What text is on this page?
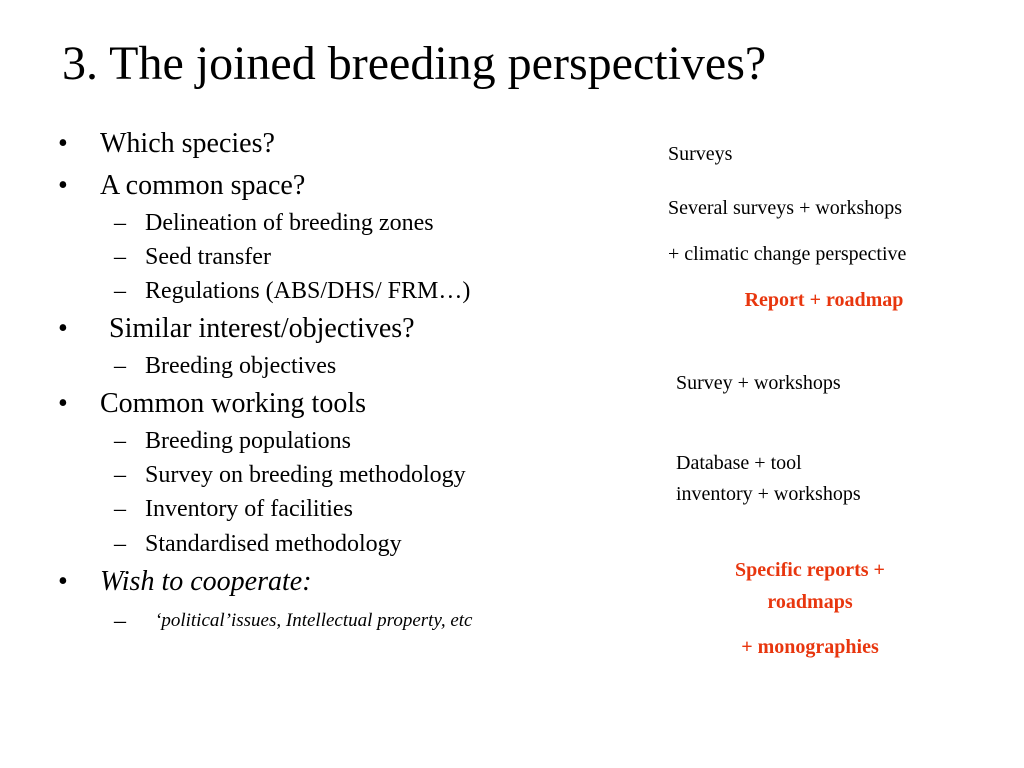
3. The joined breeding perspectives?
• Which species?
• A common space?
– Delineation of breeding zones
– Seed transfer
– Regulations (ABS/DHS/ FRM…)
• Similar interest/objectives?
– Breeding objectives
• Common working tools
– Breeding populations
– Survey on breeding methodology
– Inventory of facilities
– Standardised methodology
• Wish to cooperate:
– ‘political’issues, Intellectual property, etc
Surveys
Several surveys + workshops
+ climatic change perspective
Report + roadmap
Survey + workshops
Database + tool
inventory + workshops
Specific reports +
roadmaps
+ monographies
